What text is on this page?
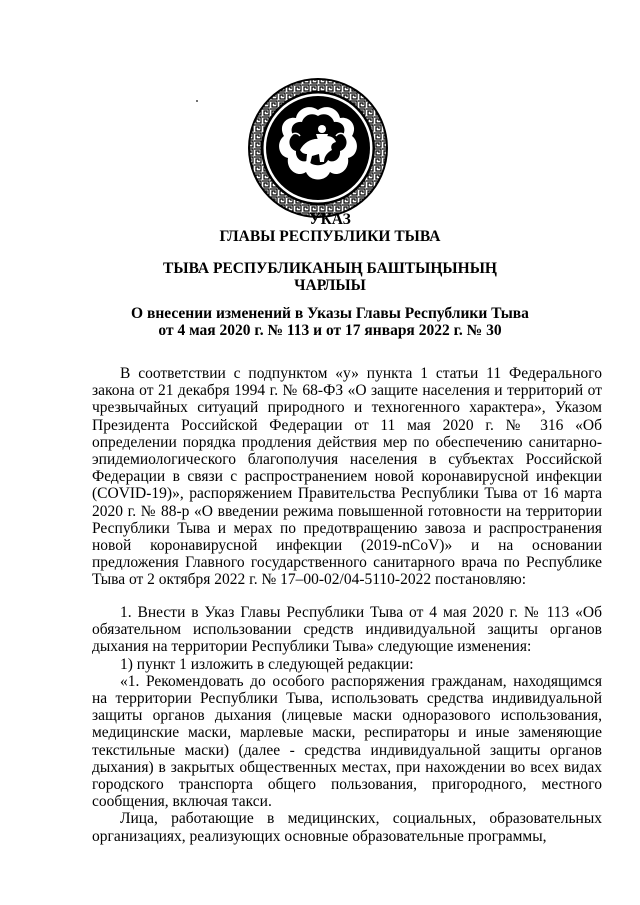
УКАЗ
ГЛАВЫ РЕСПУБЛИКИ ТЫВА
ТЫВА РЕСПУБЛИКАНЫҢ БАШТЫҢЫНЫҢ
ЧАРЛЫЫ
О внесении изменений в Указы Главы Республики Тыва
от 4 мая 2020 г. № 113 и от 17 января 2022 г. № 30

В соответствии с подпунктом «у» пункта 1 статьи 11 Федерального закона от 21 декабря 1994 г. № 68-ФЗ «О защите населения и территорий от чрезвычайных ситуаций природного и техногенного характера», Указом Президента Российской Федерации от 11 мая 2020 г. № 316 «Об определении порядка продления действия мер по обеспечению санитарно-эпидемиологического благополучия населения в субъектах Российской Федерации в связи с распространением новой коронавирусной инфекции (COVID-19)», распоряжением Правительства Республики Тыва от 16 марта 2020 г. № 88-р «О введении режима повышенной готовности на территории Республики Тыва и мерах по предотвращению завоза и распространения новой коронавирусной инфекции (2019-nCoV)» и на основании предложения Главного государственного санитарного врача по Республике Тыва от 2 октября 2022 г. № 17–00-02/04-5110-2022 постановляю:

1. Внести в Указ Главы Республики Тыва от 4 мая 2020 г. № 113 «Об обязательном использовании средств индивидуальной защиты органов дыхания на территории Республики Тыва» следующие изменения:

1) пункт 1 изложить в следующей редакции:

«1. Рекомендовать до особого распоряжения гражданам, находящимся на территории Республики Тыва, использовать средства индивидуальной защиты органов дыхания (лицевые маски одноразового использования, медицинские маски, марлевые маски, респираторы и иные заменяющие текстильные маски) (далее - средства индивидуальной защиты органов дыхания) в закрытых общественных местах, при нахождении во всех видах городского транспорта общего пользования, пригородного, местного сообщения, включая такси.

Лица, работающие в медицинских, социальных, образовательных организациях, реализующих основные образовательные программы,
